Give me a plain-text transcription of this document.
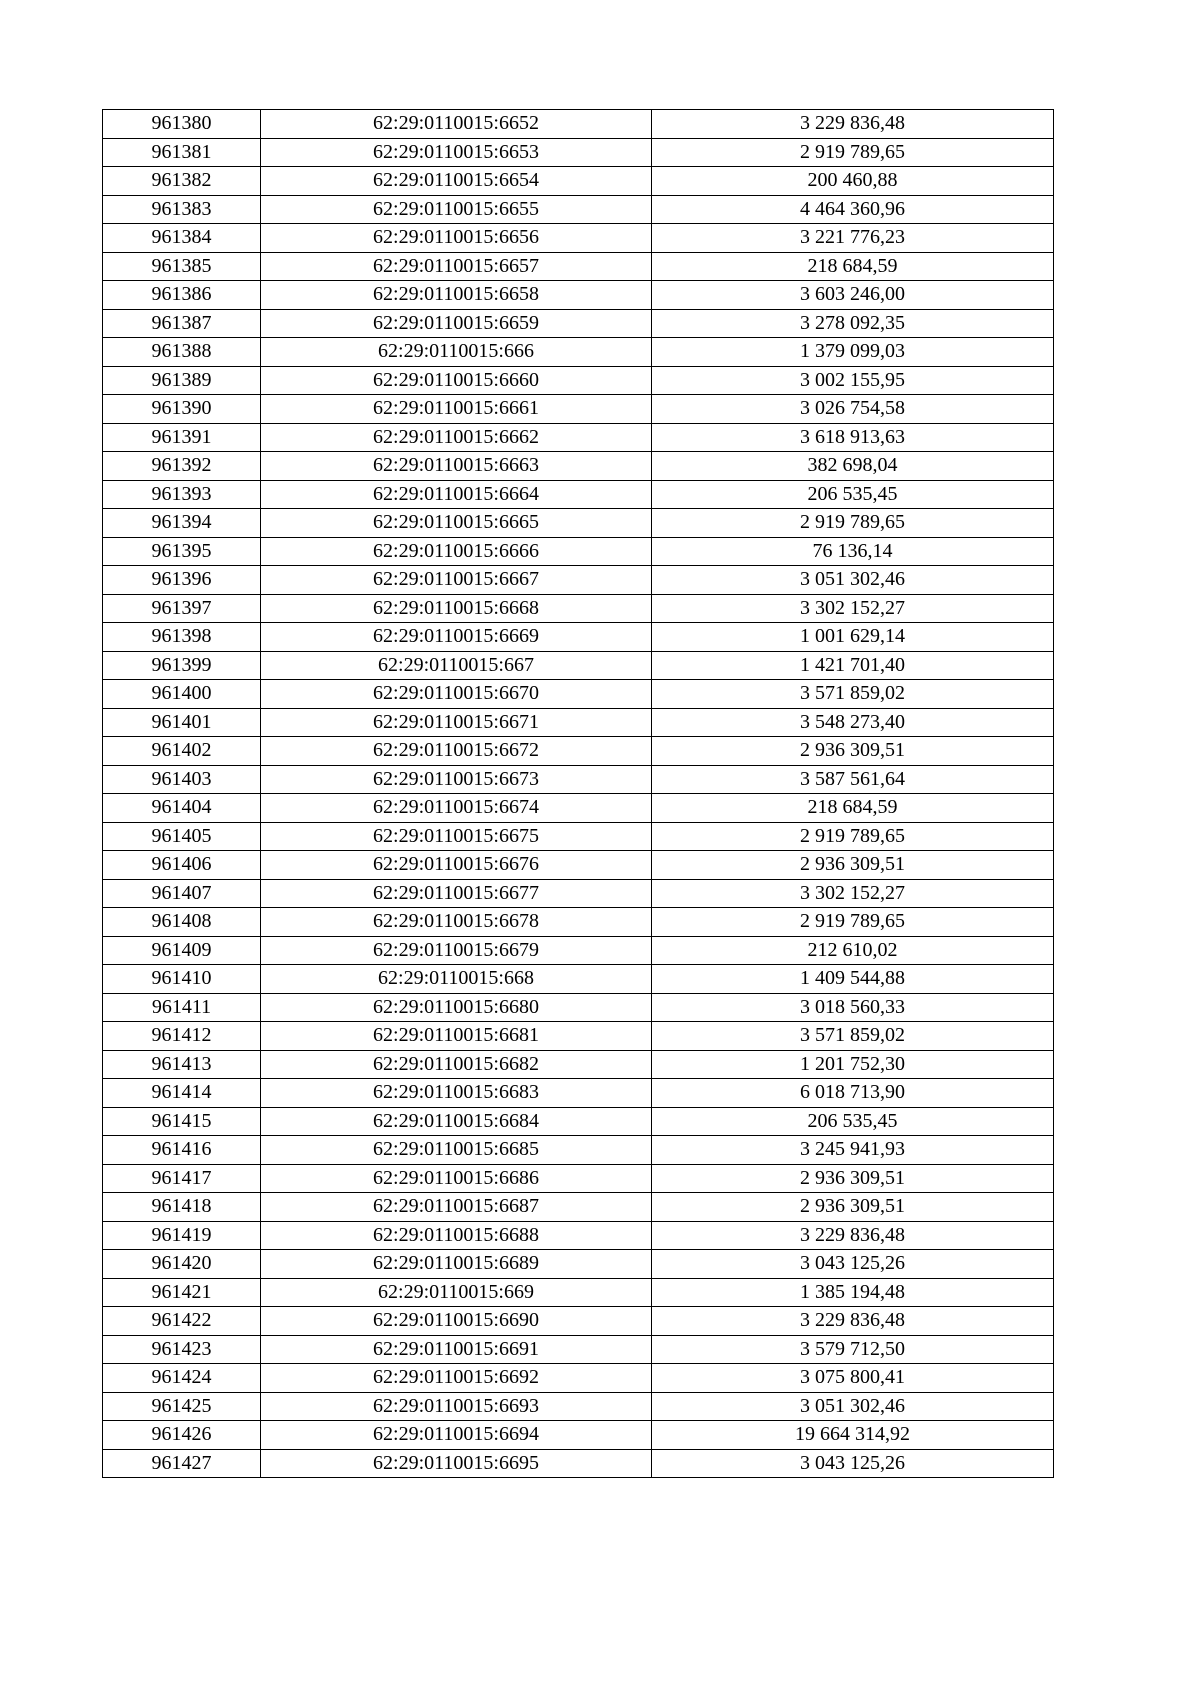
961380	62:29:0110015:6652	3 229 836,48
961381	62:29:0110015:6653	2 919 789,65
961382	62:29:0110015:6654	200 460,88
961383	62:29:0110015:6655	4 464 360,96
961384	62:29:0110015:6656	3 221 776,23
961385	62:29:0110015:6657	218 684,59
961386	62:29:0110015:6658	3 603 246,00
961387	62:29:0110015:6659	3 278 092,35
961388	62:29:0110015:666	1 379 099,03
961389	62:29:0110015:6660	3 002 155,95
961390	62:29:0110015:6661	3 026 754,58
961391	62:29:0110015:6662	3 618 913,63
961392	62:29:0110015:6663	382 698,04
961393	62:29:0110015:6664	206 535,45
961394	62:29:0110015:6665	2 919 789,65
961395	62:29:0110015:6666	76 136,14
961396	62:29:0110015:6667	3 051 302,46
961397	62:29:0110015:6668	3 302 152,27
961398	62:29:0110015:6669	1 001 629,14
961399	62:29:0110015:667	1 421 701,40
961400	62:29:0110015:6670	3 571 859,02
961401	62:29:0110015:6671	3 548 273,40
961402	62:29:0110015:6672	2 936 309,51
961403	62:29:0110015:6673	3 587 561,64
961404	62:29:0110015:6674	218 684,59
961405	62:29:0110015:6675	2 919 789,65
961406	62:29:0110015:6676	2 936 309,51
961407	62:29:0110015:6677	3 302 152,27
961408	62:29:0110015:6678	2 919 789,65
961409	62:29:0110015:6679	212 610,02
961410	62:29:0110015:668	1 409 544,88
961411	62:29:0110015:6680	3 018 560,33
961412	62:29:0110015:6681	3 571 859,02
961413	62:29:0110015:6682	1 201 752,30
961414	62:29:0110015:6683	6 018 713,90
961415	62:29:0110015:6684	206 535,45
961416	62:29:0110015:6685	3 245 941,93
961417	62:29:0110015:6686	2 936 309,51
961418	62:29:0110015:6687	2 936 309,51
961419	62:29:0110015:6688	3 229 836,48
961420	62:29:0110015:6689	3 043 125,26
961421	62:29:0110015:669	1 385 194,48
961422	62:29:0110015:6690	3 229 836,48
961423	62:29:0110015:6691	3 579 712,50
961424	62:29:0110015:6692	3 075 800,41
961425	62:29:0110015:6693	3 051 302,46
961426	62:29:0110015:6694	19 664 314,92
961427	62:29:0110015:6695	3 043 125,26
